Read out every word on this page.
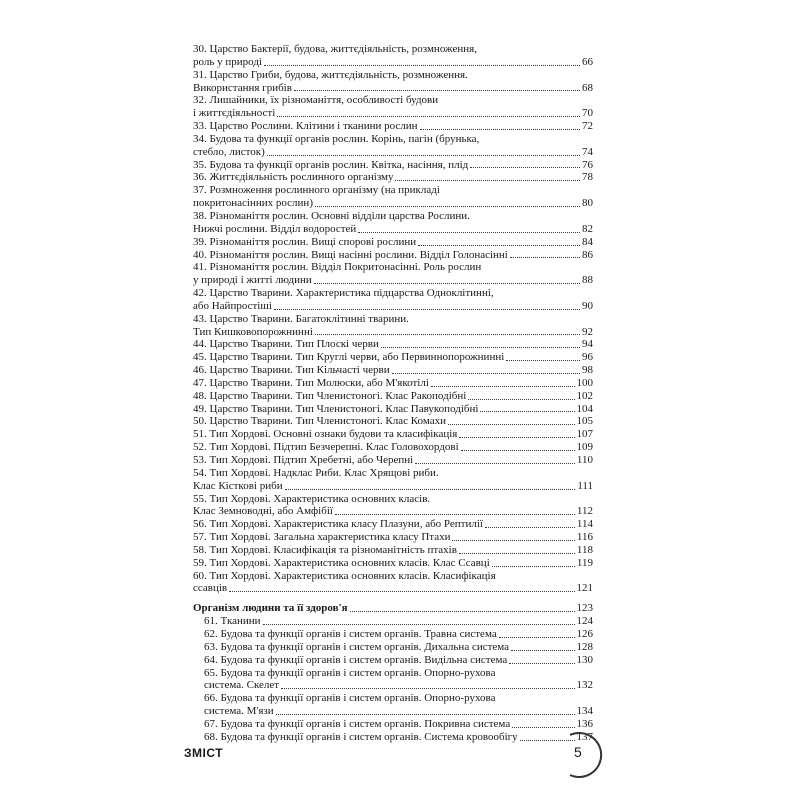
30. Царство Бактерії, будова, життєдіяльність, розмноження,
роль у природі	66
31. Царство Гриби, будова, життєдіяльність, розмноження.
Використання грибів	68
32. Лишайники, їх різноманіття, особливості будови
і життєдіяльності	70
33. Царство Рослини. Клітини і тканини рослин	72
34. Будова та функції органів рослин. Корінь, пагін (брунька,
стебло, листок)	74
35. Будова та функції органів рослин. Квітка, насіння, плід	76
36. Життєдіяльність рослинного організму	78
37. Розмноження рослинного організму (на прикладі
покритонасінних рослин)	80
38. Різноманіття рослин. Основні відділи царства Рослини.
Нижчі рослини. Відділ водоростей	82
39. Різноманіття рослин. Вищі спорові рослини	84
40. Різноманіття рослин. Вищі насінні рослини. Відділ Голонасінні	86
41. Різноманіття рослин. Відділ Покритонасінні. Роль рослин
у природі і житті людини	88
42. Царство Тварини. Характеристика підцарства Одноклітинні,
або Найпростіші	90
43. Царство Тварини. Багатоклітинні тварини.
Тип Кишковопорожнинні	92
44. Царство Тварини. Тип Плоскі черви	94
45. Царство Тварини. Тип Круглі черви, або Первиннопорожнинні	96
46. Царство Тварини. Тип Кільчасті черви	98
47. Царство Тварини. Тип Молюски, або М'якотілі	100
48. Царство Тварини. Тип Членистоногі. Клас Ракоподібні	102
49. Царство Тварини. Тип Членистоногі. Клас Павукоподібні	104
50. Царство Тварини. Тип Членистоногі. Клас Комахи	105
51. Тип Хордові. Основні ознаки будови та класифікація	107
52. Тип Хордові. Підтип Безчерепні. Клас Головохордові	109
53. Тип Хордові. Підтип Хребетні, або Черепні	110
54. Тип Хордові. Надклас Риби. Клас Хрящові риби.
Клас Кісткові риби	111
55. Тип Хордові. Характеристика основних класів.
Клас Земноводні, або Амфібії	112
56. Тип Хордові. Характеристика класу Плазуни, або Рептилії	114
57. Тип Хордові. Загальна характеристика класу Птахи	116
58. Тип Хордові. Класифікація та різноманітність птахів	118
59. Тип Хордові. Характеристика основних класів. Клас Ссавці	119
60. Тип Хордові. Характеристика основних класів. Класифікація
ссавців	121
Організм людини та її здоров'я	123
61. Тканини	124
62. Будова та функції органів і систем органів. Травна система	126
63. Будова та функції органів і систем органів. Дихальна система	128
64. Будова та функції органів і систем органів. Видільна система	130
65. Будова та функції органів і систем органів. Опорно-рухова
система. Скелет	132
66. Будова та функції органів і систем органів. Опорно-рухова
система. М'язи	134
67. Будова та функції органів і систем органів. Покривна система	136
68. Будова та функції органів і систем органів. Система кровообігу	137
ЗМІСТ	5
